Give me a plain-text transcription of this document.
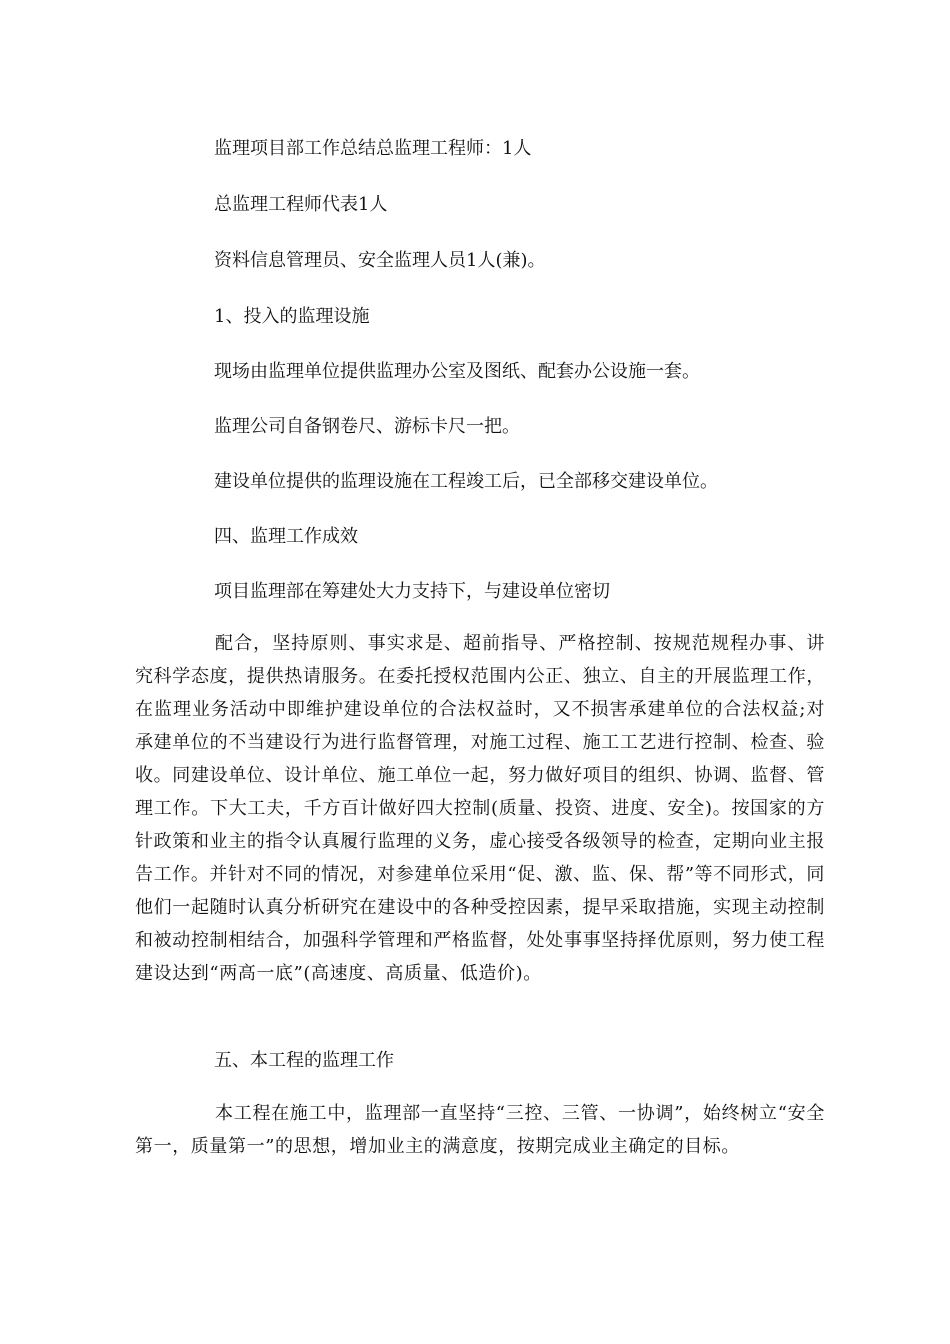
监理项目部工作总结总监理工程师：1人
总监理工程师代表1人
资料信息管理员、安全监理人员1人(兼)。
1、投入的监理设施
现场由监理单位提供监理办公室及图纸、配套办公设施一套。
监理公司自备钢卷尺、游标卡尺一把。
建设单位提供的监理设施在工程竣工后，已全部移交建设单位。
四、监理工作成效
项目监理部在筹建处大力支持下，与建设单位密切
配合，坚持原则、事实求是、超前指导、严格控制、按规范规程办事、讲究科学态度，提供热请服务。在委托授权范围内公正、独立、自主的开展监理工作，在监理业务活动中即维护建设单位的合法权益时，又不损害承建单位的合法权益;对承建单位的不当建设行为进行监督管理，对施工过程、施工工艺进行控制、检查、验收。同建设单位、设计单位、施工单位一起，努力做好项目的组织、协调、监督、管理工作。下大工夫，千方百计做好四大控制(质量、投资、进度、安全)。按国家的方针政策和业主的指令认真履行监理的义务，虚心接受各级领导的检查，定期向业主报告工作。并针对不同的情况，对参建单位采用“促、激、监、保、帮”等不同形式，同他们一起随时认真分析研究在建设中的各种受控因素，提早采取措施，实现主动控制和被动控制相结合，加强科学管理和严格监督，处处事事坚持择优原则，努力使工程建设达到“两高一底”(高速度、高质量、低造价)。
五、本工程的监理工作
本工程在施工中，监理部一直坚持“三控、三管、一协调”，始终树立“安全第一，质量第一”的思想，增加业主的满意度，按期完成业主确定的目标。
